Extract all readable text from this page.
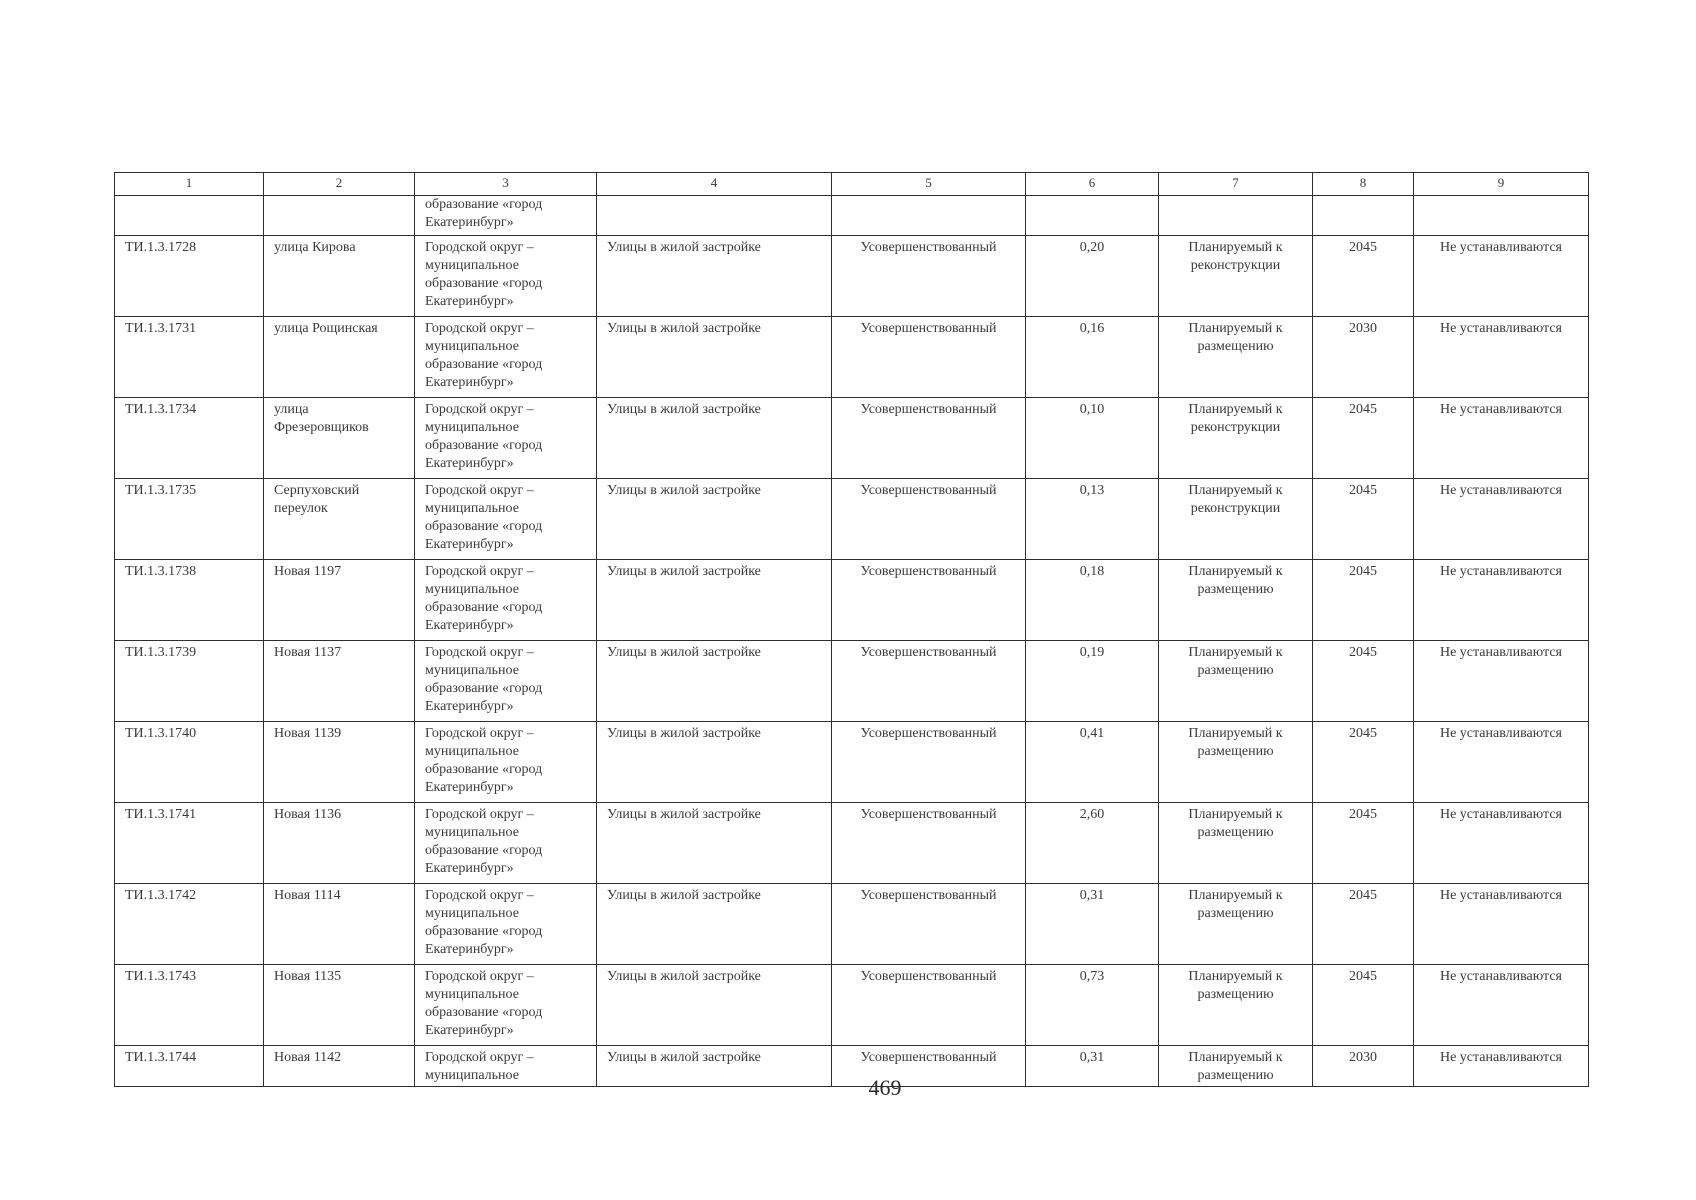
1	2	3	4	5	6	7	8	9
		образование «город Екатеринбург»						
ТИ.1.3.1728	улица Кирова	Городской округ – муниципальное образование «город Екатеринбург»	Улицы в жилой застройке	Усовершенствованный	0,20	Планируемый к реконструкции	2045	Не устанавливаются
ТИ.1.3.1731	улица Рощинская	Городской округ – муниципальное образование «город Екатеринбург»	Улицы в жилой застройке	Усовершенствованный	0,16	Планируемый к размещению	2030	Не устанавливаются
ТИ.1.3.1734	улица Фрезеровщиков	Городской округ – муниципальное образование «город Екатеринбург»	Улицы в жилой застройке	Усовершенствованный	0,10	Планируемый к реконструкции	2045	Не устанавливаются
ТИ.1.3.1735	Серпуховский переулок	Городской округ – муниципальное образование «город Екатеринбург»	Улицы в жилой застройке	Усовершенствованный	0,13	Планируемый к реконструкции	2045	Не устанавливаются
ТИ.1.3.1738	Новая 1197	Городской округ – муниципальное образование «город Екатеринбург»	Улицы в жилой застройке	Усовершенствованный	0,18	Планируемый к размещению	2045	Не устанавливаются
ТИ.1.3.1739	Новая 1137	Городской округ – муниципальное образование «город Екатеринбург»	Улицы в жилой застройке	Усовершенствованный	0,19	Планируемый к размещению	2045	Не устанавливаются
ТИ.1.3.1740	Новая 1139	Городской округ – муниципальное образование «город Екатеринбург»	Улицы в жилой застройке	Усовершенствованный	0,41	Планируемый к размещению	2045	Не устанавливаются
ТИ.1.3.1741	Новая 1136	Городской округ – муниципальное образование «город Екатеринбург»	Улицы в жилой застройке	Усовершенствованный	2,60	Планируемый к размещению	2045	Не устанавливаются
ТИ.1.3.1742	Новая 1114	Городской округ – муниципальное образование «город Екатеринбург»	Улицы в жилой застройке	Усовершенствованный	0,31	Планируемый к размещению	2045	Не устанавливаются
ТИ.1.3.1743	Новая 1135	Городской округ – муниципальное образование «город Екатеринбург»	Улицы в жилой застройке	Усовершенствованный	0,73	Планируемый к размещению	2045	Не устанавливаются
ТИ.1.3.1744	Новая 1142	Городской округ – муниципальное	Улицы в жилой застройке	Усовершенствованный	0,31	Планируемый к размещению	2030	Не устанавливаются
469
